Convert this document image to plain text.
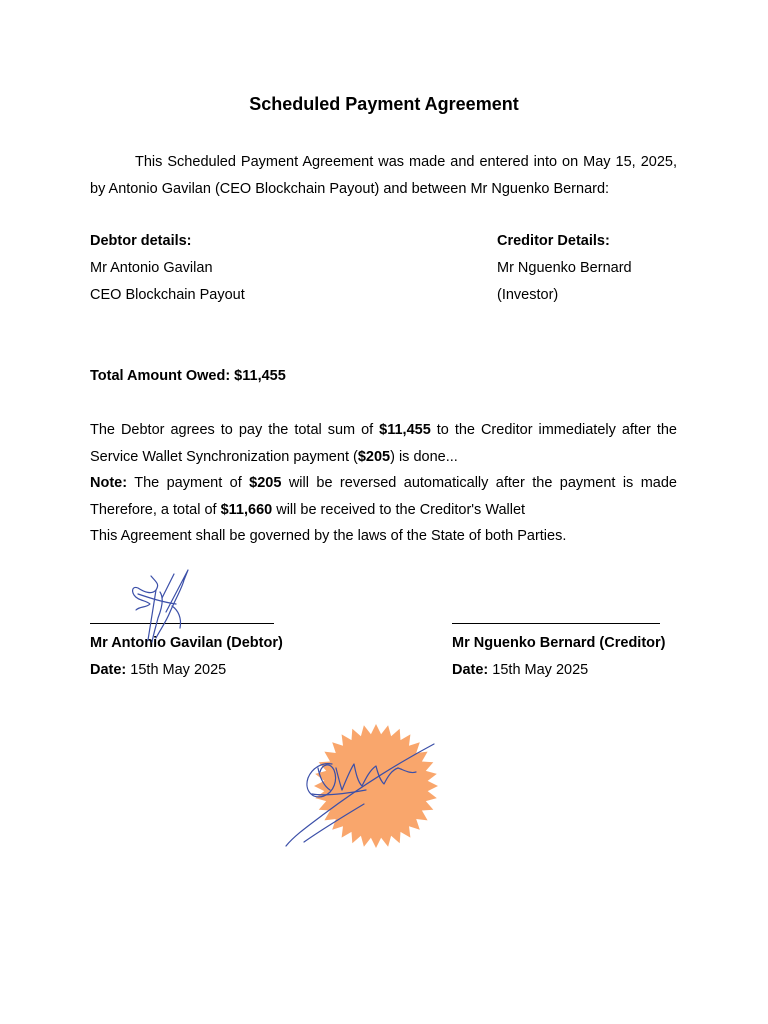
Scheduled Payment Agreement

This Scheduled Payment Agreement was made and entered into on May 15, 2025, by Antonio Gavilan (CEO Blockchain Payout) and between Mr Nguenko Bernard:

Debtor details:
Mr Antonio Gavilan
CEO Blockchain Payout
Creditor Details:
Mr Nguenko Bernard
(Investor)
Total Amount Owed: $11,455
The Debtor agrees to pay the total sum of $11,455 to the Creditor immediately after the
Service Wallet Synchronization payment ($205) is done...
Note: The payment of $205 will be reversed automatically after the payment is made
Therefore, a total of $11,660 will be received to the Creditor's Wallet
This Agreement shall be governed by the laws of the State of both Parties.
Mr Antonio Gavilan (Debtor)
Date: 15th May 2025
Mr Nguenko Bernard (Creditor)
Date: 15th May 2025
